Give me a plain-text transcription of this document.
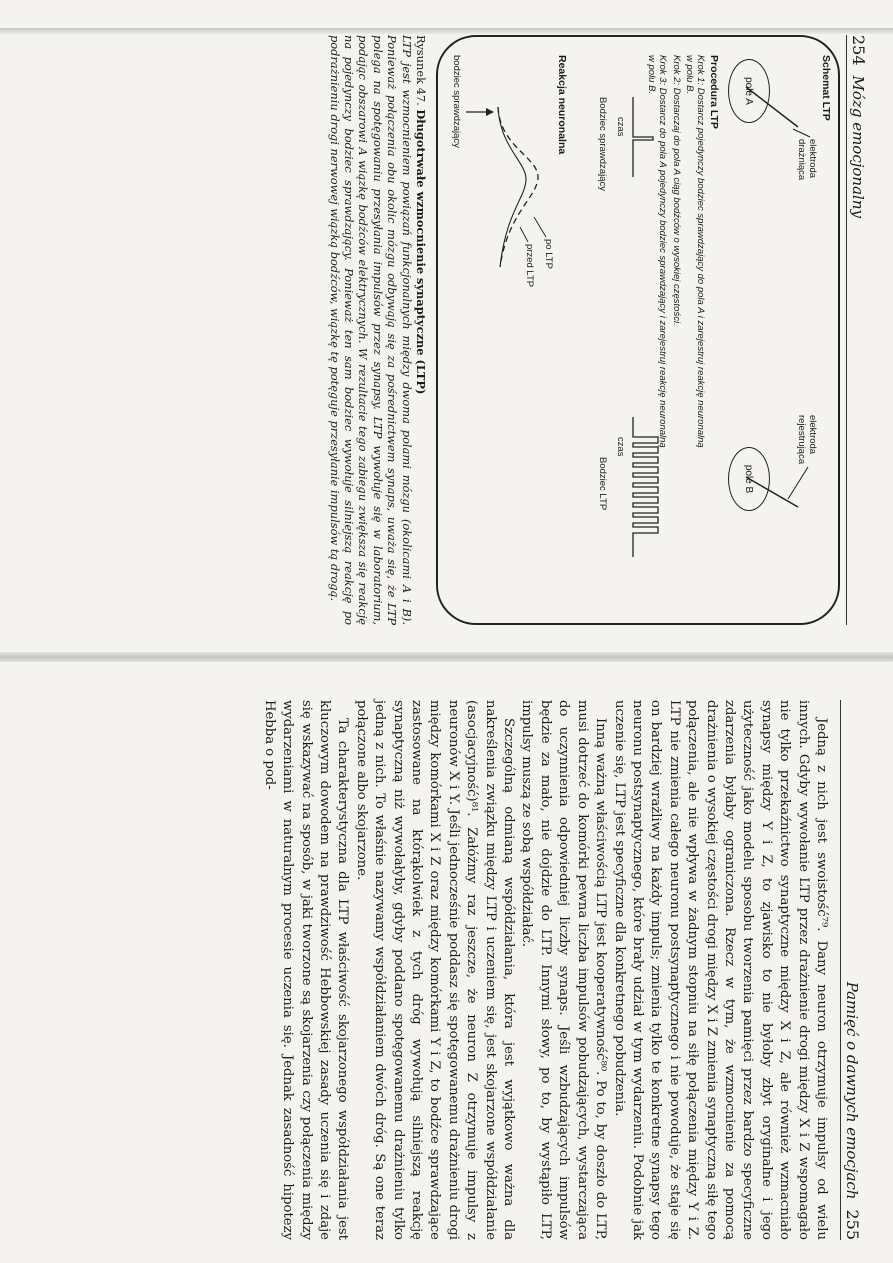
254
Mózg emocjonalny
Schemat LTP
elektroda drażniąca
elektroda rejestrująca
pole A
pole B
Procedura LTP
Krok 1: Dostarcz pojedynczy bodziec sprawdzający do pola A i zarejestruj reakcję neuronalną w polu B.
Krok 2: Dostarczaj do pola A ciąg bodźców o wysokiej częstości.
Krok 3: Dostarcz do pola A pojedynczy bodziec sprawdzający i zarejestruj reakcję neuronalną w polu B.
Bodziec sprawdzający
Bodziec LTP
czas
czas
Reakcja neuronalna
po LTP
przed LTP
bodziec sprawdzający
Rysunek 47. Długotrwałe wzmocnienie synaptyczne (LTP)
LTP jest wzmocnieniem powiązań funkcjonalnych między dwoma polami mózgu (okolicami A i B). Ponieważ połączenia obu okolic mózgu odbywają się za pośrednictwem synaps, uważa się, że LTP polega na spotęgowaniu przesyłania impulsów przez synapsy. LTP wywołuje się w laboratorium, podając obszarowi A wiązkę bodźców elektrycznych. W rezultacie tego zabiegu zwiększa się reakcję na pojedynczy bodziec sprawdzający. Ponieważ ten sam bodziec wywołuje silniejszą reakcję po podrażnieniu drogi nerwowej wiązką bodźców, wiązkę tę potęguje przesyłanie impulsów tą drogą.
Pamięć o dawnych emocjach
255

Jedną z nich jest swoistość⁷⁹. Dany neuron otrzymuje impulsy od wielu innych. Gdyby wywołanie LTP przez drażnienie drogi między X i Z wspomagało nie tylko przekaźnictwo synaptyczne między X i Z, ale również wzmacniało synapsy między Y i Z, to zjawisko to nie byłoby zbyt oryginalne i jego użyteczność jako modelu sposobu tworzenia pamięci przez bardzo specyficzne zdarzenia byłaby ograniczona. Rzecz w tym, że wzmocnienie za pomocą drażnienia o wysokiej częstości drogi między X i Z zmienia synaptyczną siłę tego połączenia, ale nie wpływa w żadnym stopniu na siłę połączenia między Y i Z. LTP nie zmienia całego neuronu postsynaptycznego i nie powoduje, że staje się on bardziej wrażliwy na każdy impuls; zmienia tylko te konkretne synapsy tego neuronu postsynaptycznego, które brały udział w tym wydarzeniu. Podobnie jak uczenie się, LTP jest specyficzne dla konkretnego pobudzenia.

Inną ważną właściwością LTP jest kooperatywność⁸⁰. Po to, by doszło do LTP, musi dotrzeć do komórki pewna liczba impulsów pobudzających, wystarczająca do uczynnienia odpowiedniej liczby synaps. Jeśli wzbudzających impulsów będzie za mało, nie dojdzie do LTP. Innymi słowy, po to, by wystąpiło LTP, impulsy muszą ze sobą współdziałać.

Szczególną odmianą współdziałania, która jest wyjątkowo ważna dla nakreślenia związku między LTP i uczeniem się, jest skojarzone współdziałanie (asocjacyjność)⁸¹. Załóżmy raz jeszcze, że neuron Z otrzymuje impulsy z neuronów X i Y. Jeśli jednocześnie poddasz się spotęgowanemu drażnieniu drogi między komórkami X i Z oraz między komórkami Y i Z, to bodźce sprawdzające zastosowane na którąkolwiek z tych dróg wywołują silniejszą reakcję synaptyczną niż wywołałyby, gdyby poddano spotęgowanemu drażnieniu tylko jedną z nich. To właśnie nazywamy współdziałaniem dwóch dróg. Są one teraz połączone albo skojarzone.

Ta charakterystyczna dla LTP właściwość skojarzonego współdziałania jest kluczowym dowodem na prawdziwość Hebbowskiej zasady uczenia się i zdaje się wskazywać na sposób, w jaki tworzone są skojarzenia czy połączenia między wydarzeniami w naturalnym procesie uczenia się. Jednak zasadność hipotezy Hebba o pod-
